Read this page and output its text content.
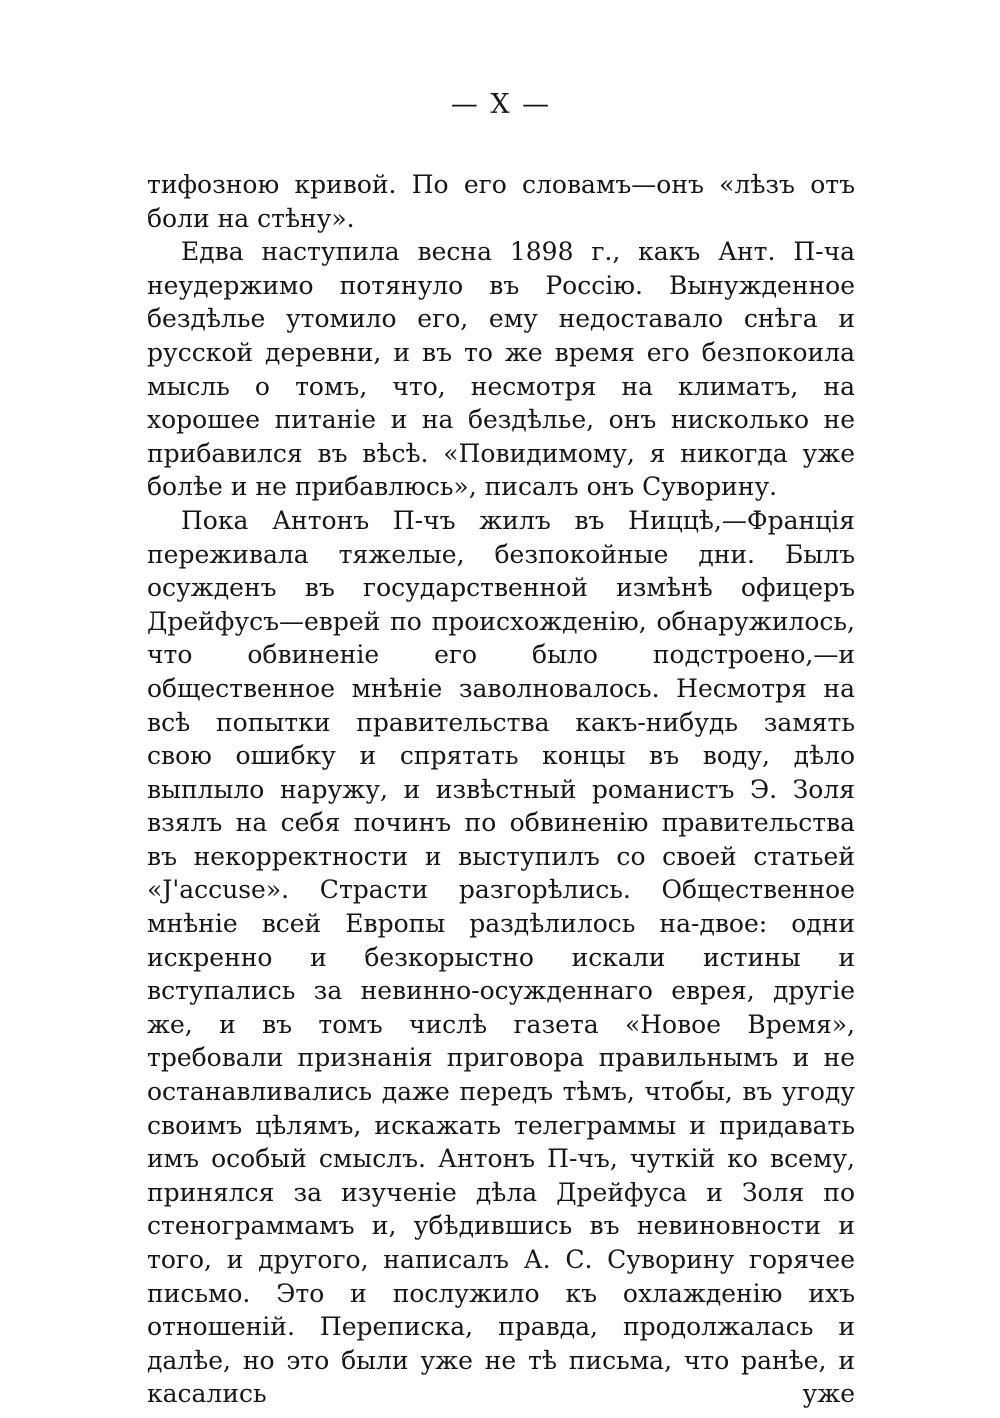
— X —

тифозною кривой. По его словамъ—онъ «лѣзъ отъ боли на стѣну».

Едва наступила весна 1898 г., какъ Ант. П-ча неудержимо потянуло въ Россію. Вынужденное бездѣлье утомило его, ему недоставало снѣга и русской деревни, и въ то же время его безпокоила мысль о томъ, что, несмотря на климатъ, на хорошее питаніе и на бездѣлье, онъ нисколько не прибавился въ вѣсѣ. «Повидимому, я никогда уже болѣе и не прибавлюсь», писалъ онъ Суворину.

Пока Антонъ П-чъ жилъ въ Ниццѣ,—Франція переживала тяжелые, безпокойные дни. Былъ осужденъ въ государственной измѣнѣ офицеръ Дрейфусъ—еврей по происхожденію, обнаружилось, что обвиненіе его было подстроено,—и общественное мнѣніе заволновалось. Несмотря на всѣ попытки правительства какъ-нибудь замять свою ошибку и спрятать концы въ воду, дѣло выплыло наружу, и извѣстный романистъ Э. Золя взялъ на себя починъ по обвиненію правительства въ некорректности и выступилъ со своей статьей «J'accuse». Страсти разгорѣлись. Общественное мнѣніе всей Европы раздѣлилось на-двое: одни искренно и безкорыстно искали истины и вступались за невинно-осужденнаго еврея, другіе же, и въ томъ числѣ газета «Новое Время», требовали признанія приговора правильнымъ и не останавливались даже передъ тѣмъ, чтобы, въ угоду своимъ цѣлямъ, искажать телеграммы и придавать имъ особый смыслъ. Антонъ П-чъ, чуткій ко всему, принялся за изученіе дѣла Дрейфуса и Золя по стенограммамъ и, убѣдившись въ невиновности и того, и другого, написалъ А. С. Суворину горячее письмо. Это и послужило къ охлажденію ихъ отношеній. Переписка, правда, продолжалась и далѣе, но это были уже не тѣ письма, что ранѣе, и касались уже
